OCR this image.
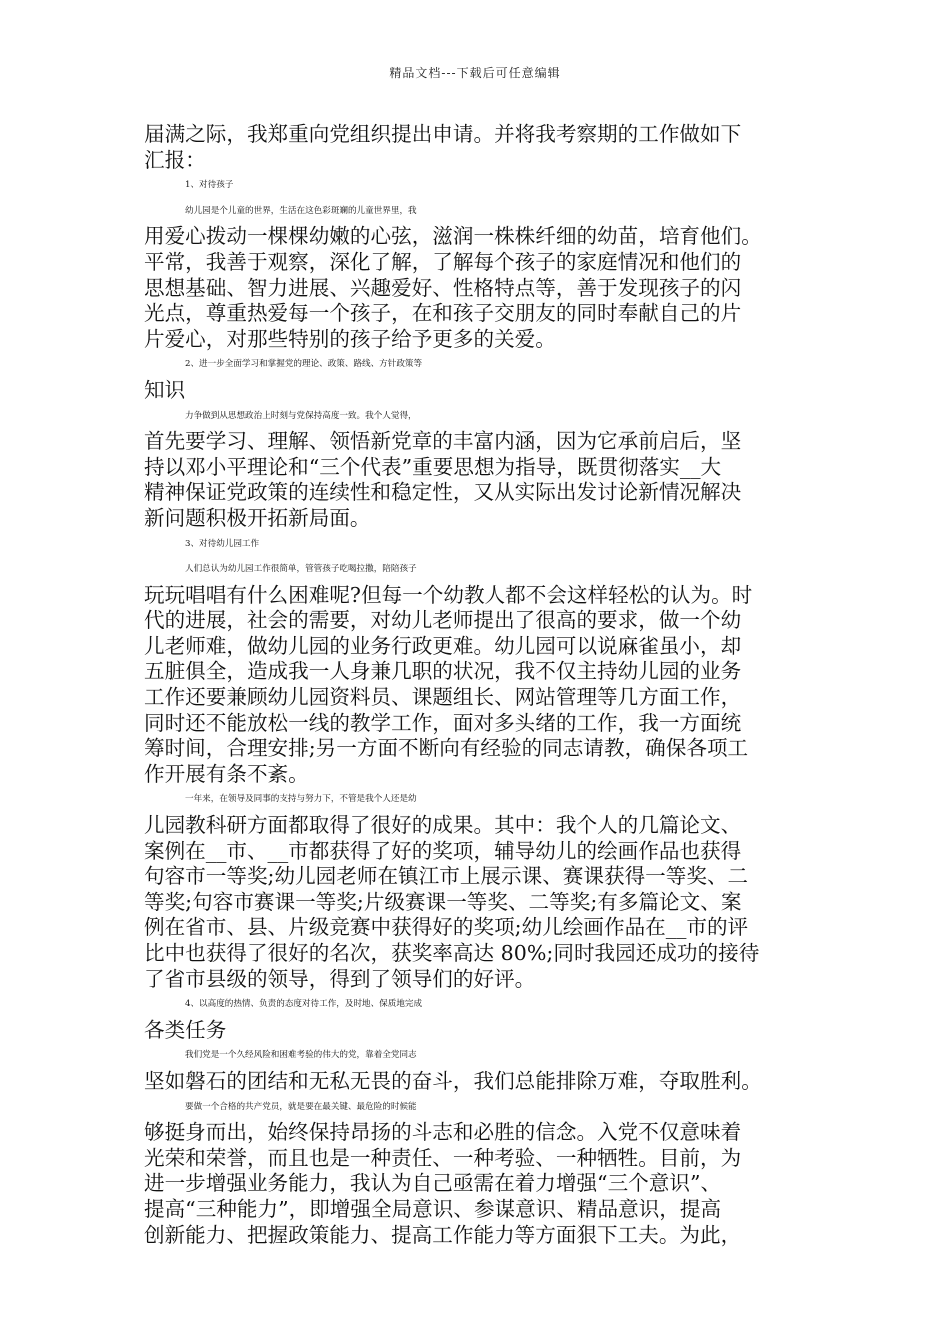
精品文档---下载后可任意编辑
届满之际，我郑重向党组织提出申请。并将我考察期的工作做如下
汇报：
1、对待孩子
幼儿园是个儿童的世界，生活在这色彩斑斓的儿童世界里，我
用爱心拨动一棵棵幼嫩的心弦，滋润一株株纤细的幼苗，培育他们。
平常，我善于观察，深化了解，了解每个孩子的家庭情况和他们的
思想基础、智力进展、兴趣爱好、性格特点等，善于发现孩子的闪
光点，尊重热爱每一个孩子，在和孩子交朋友的同时奉献自己的片
片爱心，对那些特别的孩子给予更多的关爱。
2、进一步全面学习和掌握党的理论、政策、路线、方针政策等
知识
力争做到从思想政治上时刻与党保持高度一致。我个人觉得，
首先要学习、理解、领悟新党章的丰富内涵，因为它承前启后，坚
持以邓小平理论和“三个代表”重要思想为指导，既贯彻落实__大
精神保证党政策的连续性和稳定性，又从实际出发讨论新情况解决
新问题积极开拓新局面。
3、对待幼儿园工作
人们总认为幼儿园工作很简单，管管孩子吃喝拉撒，陪陪孩子
玩玩唱唱有什么困难呢?但每一个幼教人都不会这样轻松的认为。时
代的进展，社会的需要，对幼儿老师提出了很高的要求，做一个幼
儿老师难，做幼儿园的业务行政更难。幼儿园可以说麻雀虽小，却
五脏俱全，造成我一人身兼几职的状况，我不仅主持幼儿园的业务
工作还要兼顾幼儿园资料员、课题组长、网站管理等几方面工作，
同时还不能放松一线的教学工作，面对多头绪的工作，我一方面统
筹时间，合理安排;另一方面不断向有经验的同志请教，确保各项工
作开展有条不紊。
一年来，在领导及同事的支持与努力下，不管是我个人还是幼
儿园教科研方面都取得了很好的成果。其中：我个人的几篇论文、
案例在__市、__市都获得了好的奖项，辅导幼儿的绘画作品也获得
句容市一等奖;幼儿园老师在镇江市上展示课、赛课获得一等奖、二
等奖;句容市赛课一等奖;片级赛课一等奖、二等奖;有多篇论文、案
例在省市、县、片级竞赛中获得好的奖项;幼儿绘画作品在__市的评
比中也获得了很好的名次，获奖率高达 80%;同时我园还成功的接待
了省市县级的领导，得到了领导们的好评。
4、以高度的热情、负责的态度对待工作，及时地、保质地完成
各类任务
我们党是一个久经风险和困难考验的伟大的党，靠着全党同志
坚如磐石的团结和无私无畏的奋斗，我们总能排除万难，夺取胜利。
要做一个合格的共产党员，就是要在最关键、最危险的时候能
够挺身而出，始终保持昂扬的斗志和必胜的信念。入党不仅意味着
光荣和荣誉，而且也是一种责任、一种考验、一种牺牲。目前，为
进一步增强业务能力，我认为自己亟需在着力增强“三个意识”、
提高“三种能力”，即增强全局意识、参谋意识、精品意识，提高
创新能力、把握政策能力、提高工作能力等方面狠下工夫。为此，
